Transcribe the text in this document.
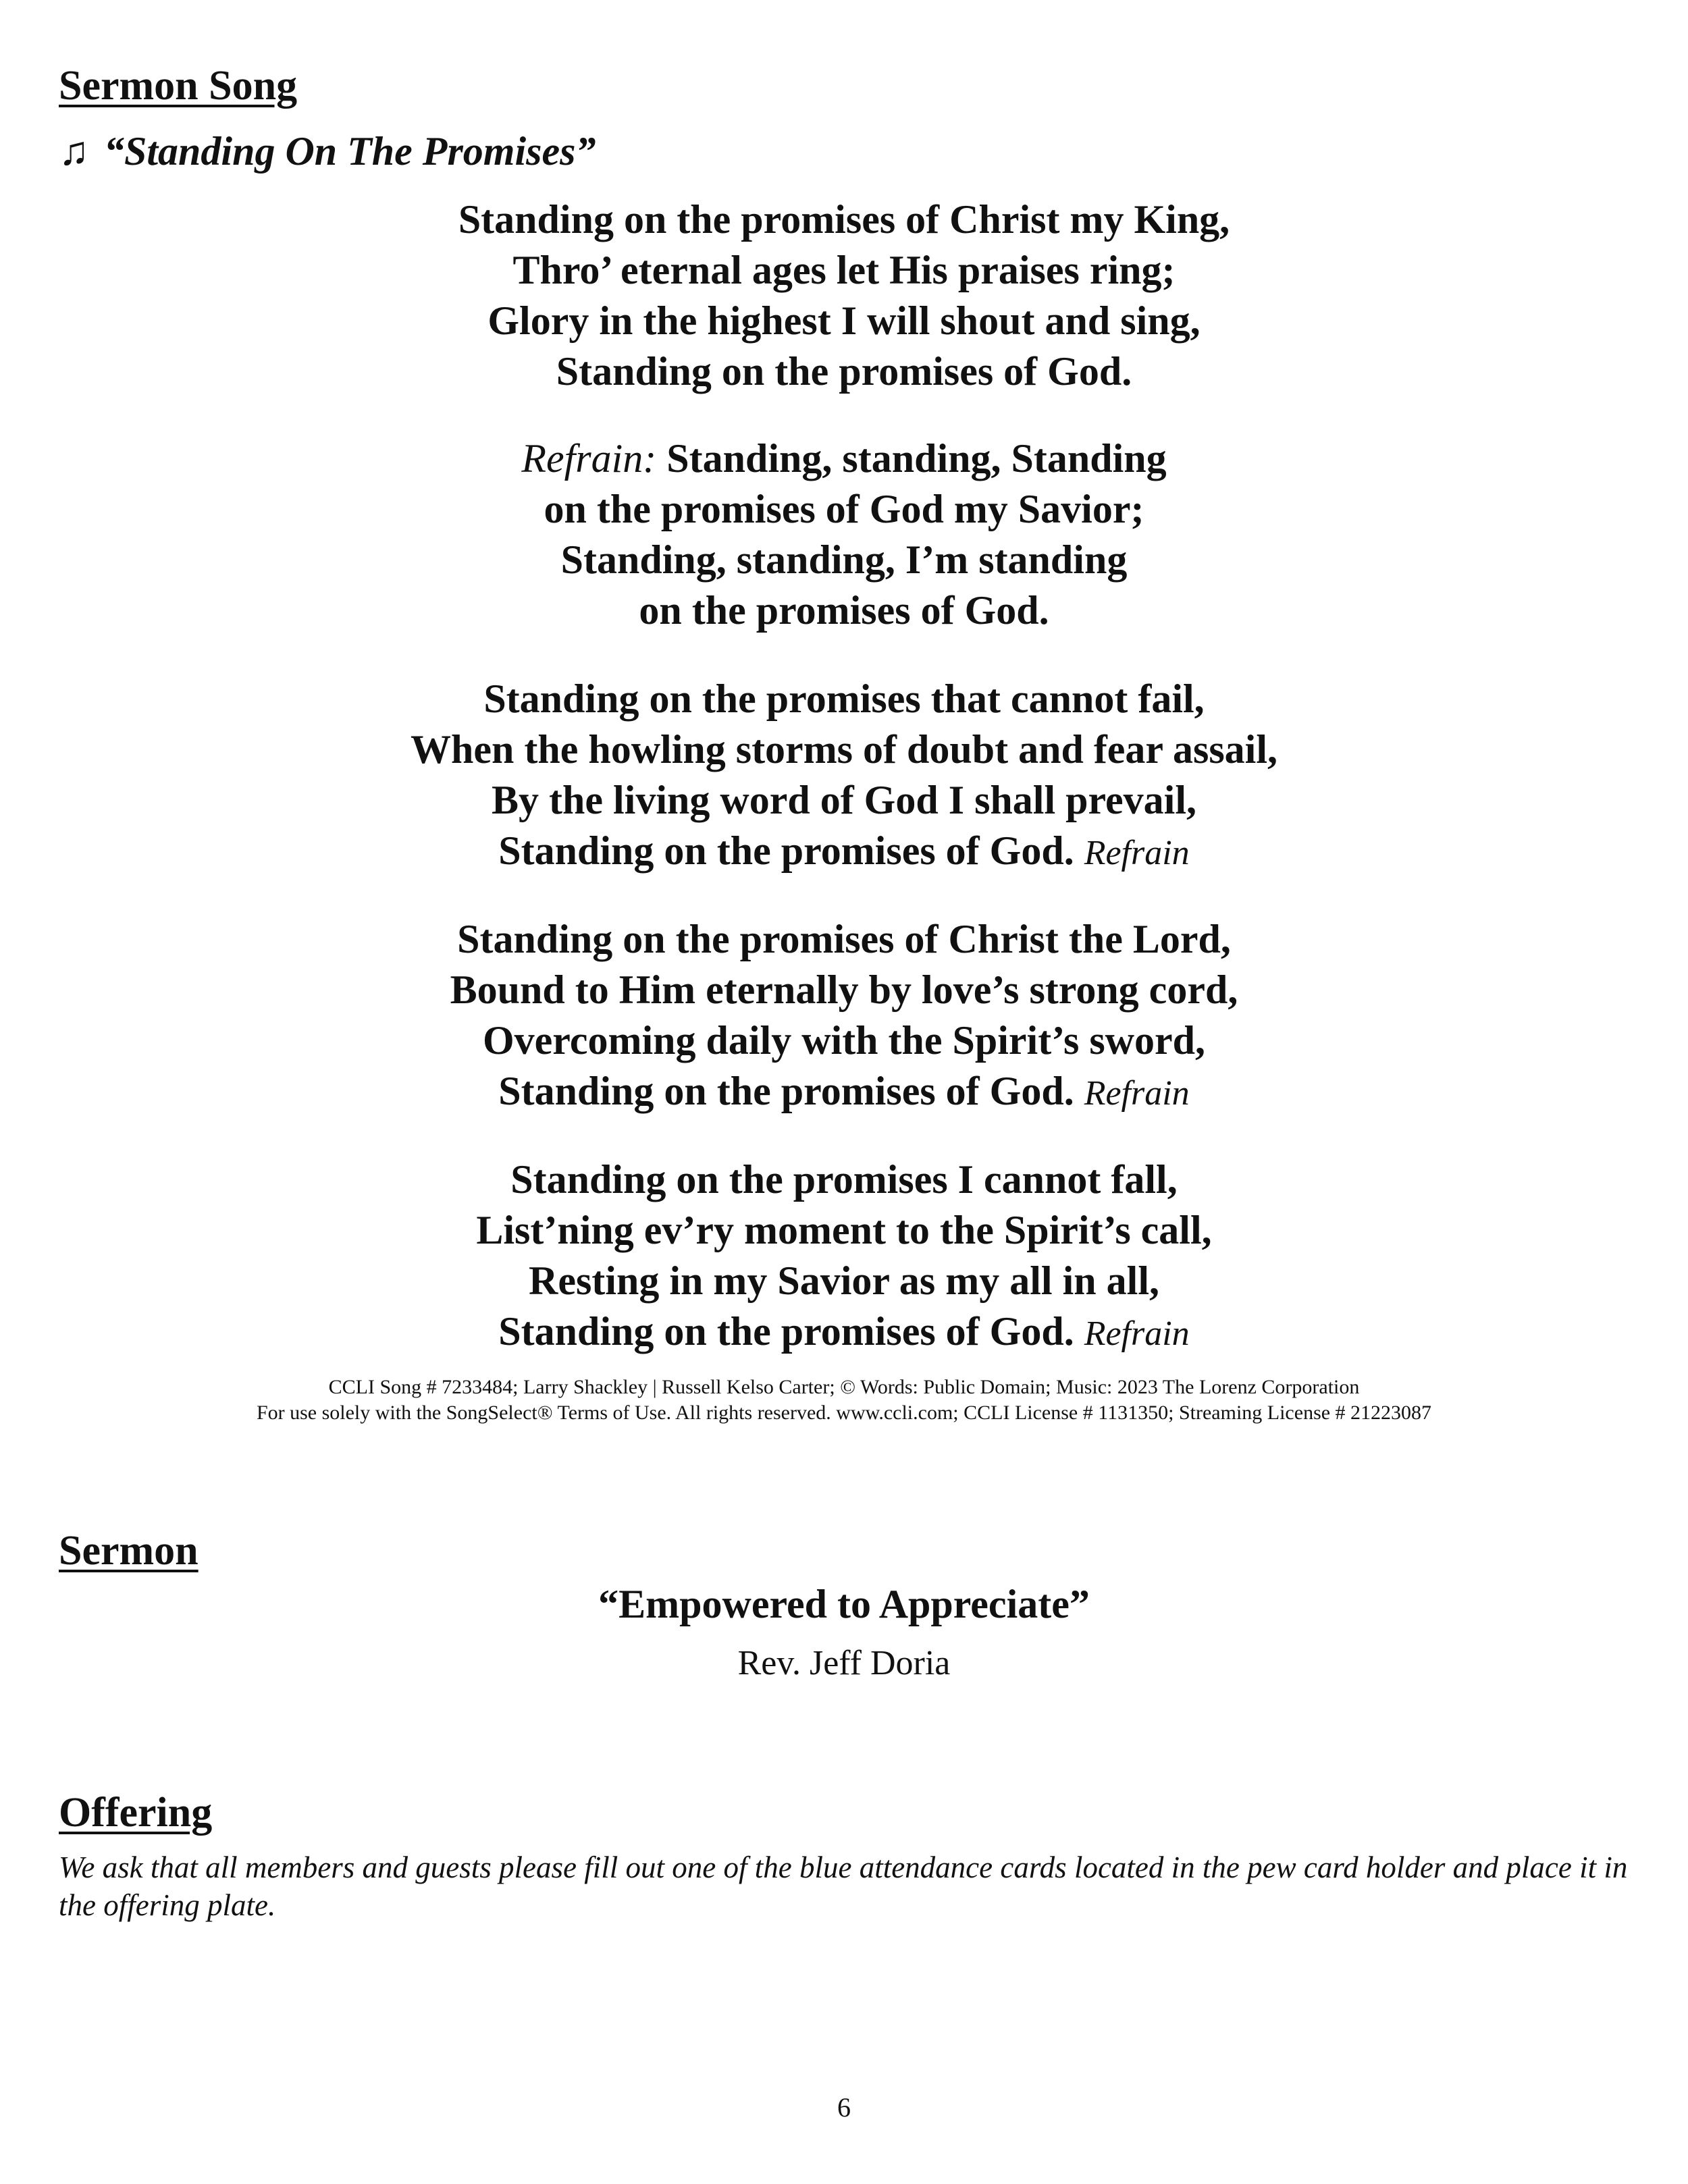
Sermon Song
♫ “Standing On The Promises”
Standing on the promises of Christ my King,
Thro’ eternal ages let His praises ring;
Glory in the highest I will shout and sing,
Standing on the promises of God.
Refrain: Standing, standing, Standing
on the promises of God my Savior;
Standing, standing, I’m standing
on the promises of God.
Standing on the promises that cannot fail,
When the howling storms of doubt and fear assail,
By the living word of God I shall prevail,
Standing on the promises of God. Refrain
Standing on the promises of Christ the Lord,
Bound to Him eternally by love’s strong cord,
Overcoming daily with the Spirit’s sword,
Standing on the promises of God. Refrain
Standing on the promises I cannot fall,
List’ning ev’ry moment to the Spirit’s call,
Resting in my Savior as my all in all,
Standing on the promises of God. Refrain
CCLI Song # 7233484; Larry Shackley | Russell Kelso Carter; © Words: Public Domain; Music: 2023 The Lorenz Corporation
For use solely with the SongSelect® Terms of Use. All rights reserved. www.ccli.com; CCLI License # 1131350; Streaming License # 21223087
Sermon
“Empowered to Appreciate”
Rev. Jeff Doria
Offering
We ask that all members and guests please fill out one of the blue attendance cards located in the pew card holder and place it in the offering plate.
6
